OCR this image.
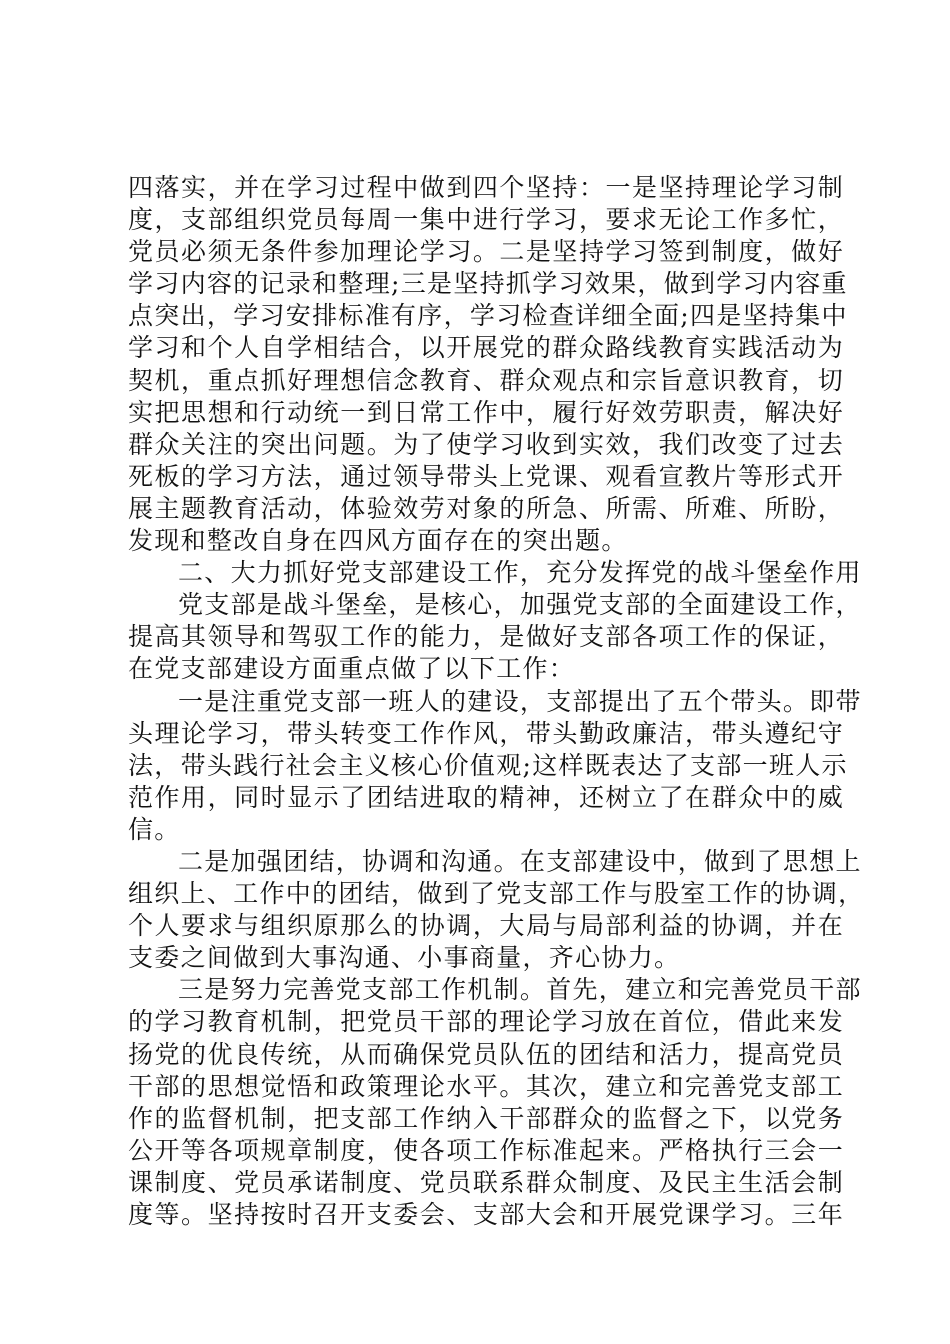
四落实，并在学习过程中做到四个坚持：一是坚持理论学习制
度，支部组织党员每周一集中进行学习，要求无论工作多忙，
党员必须无条件参加理论学习。二是坚持学习签到制度，做好
学习内容的记录和整理;三是坚持抓学习效果，做到学习内容重
点突出，学习安排标准有序，学习检查详细全面;四是坚持集中
学习和个人自学相结合，以开展党的群众路线教育实践活动为
契机，重点抓好理想信念教育、群众观点和宗旨意识教育，切
实把思想和行动统一到日常工作中，履行好效劳职责，解决好
群众关注的突出问题。为了使学习收到实效，我们改变了过去
死板的学习方法，通过领导带头上党课、观看宣教片等形式开
展主题教育活动，体验效劳对象的所急、所需、所难、所盼，
发现和整改自身在四风方面存在的突出题。
二、大力抓好党支部建设工作，充分发挥党的战斗堡垒作用
党支部是战斗堡垒，是核心，加强党支部的全面建设工作，
提高其领导和驾驭工作的能力，是做好支部各项工作的保证，
在党支部建设方面重点做了以下工作：
一是注重党支部一班人的建设，支部提出了五个带头。即带
头理论学习，带头转变工作作风，带头勤政廉洁，带头遵纪守
法，带头践行社会主义核心价值观;这样既表达了支部一班人示
范作用，同时显示了团结进取的精神，还树立了在群众中的威
信。
二是加强团结，协调和沟通。在支部建设中，做到了思想上
组织上、工作中的团结，做到了党支部工作与股室工作的协调，
个人要求与组织原那么的协调，大局与局部利益的协调，并在
支委之间做到大事沟通、小事商量，齐心协力。
三是努力完善党支部工作机制。首先，建立和完善党员干部
的学习教育机制，把党员干部的理论学习放在首位，借此来发
扬党的优良传统，从而确保党员队伍的团结和活力，提高党员
干部的思想觉悟和政策理论水平。其次，建立和完善党支部工
作的监督机制，把支部工作纳入干部群众的监督之下，以党务
公开等各项规章制度，使各项工作标准起来。严格执行三会一
课制度、党员承诺制度、党员联系群众制度、及民主生活会制
度等。坚持按时召开支委会、支部大会和开展党课学习。三年
